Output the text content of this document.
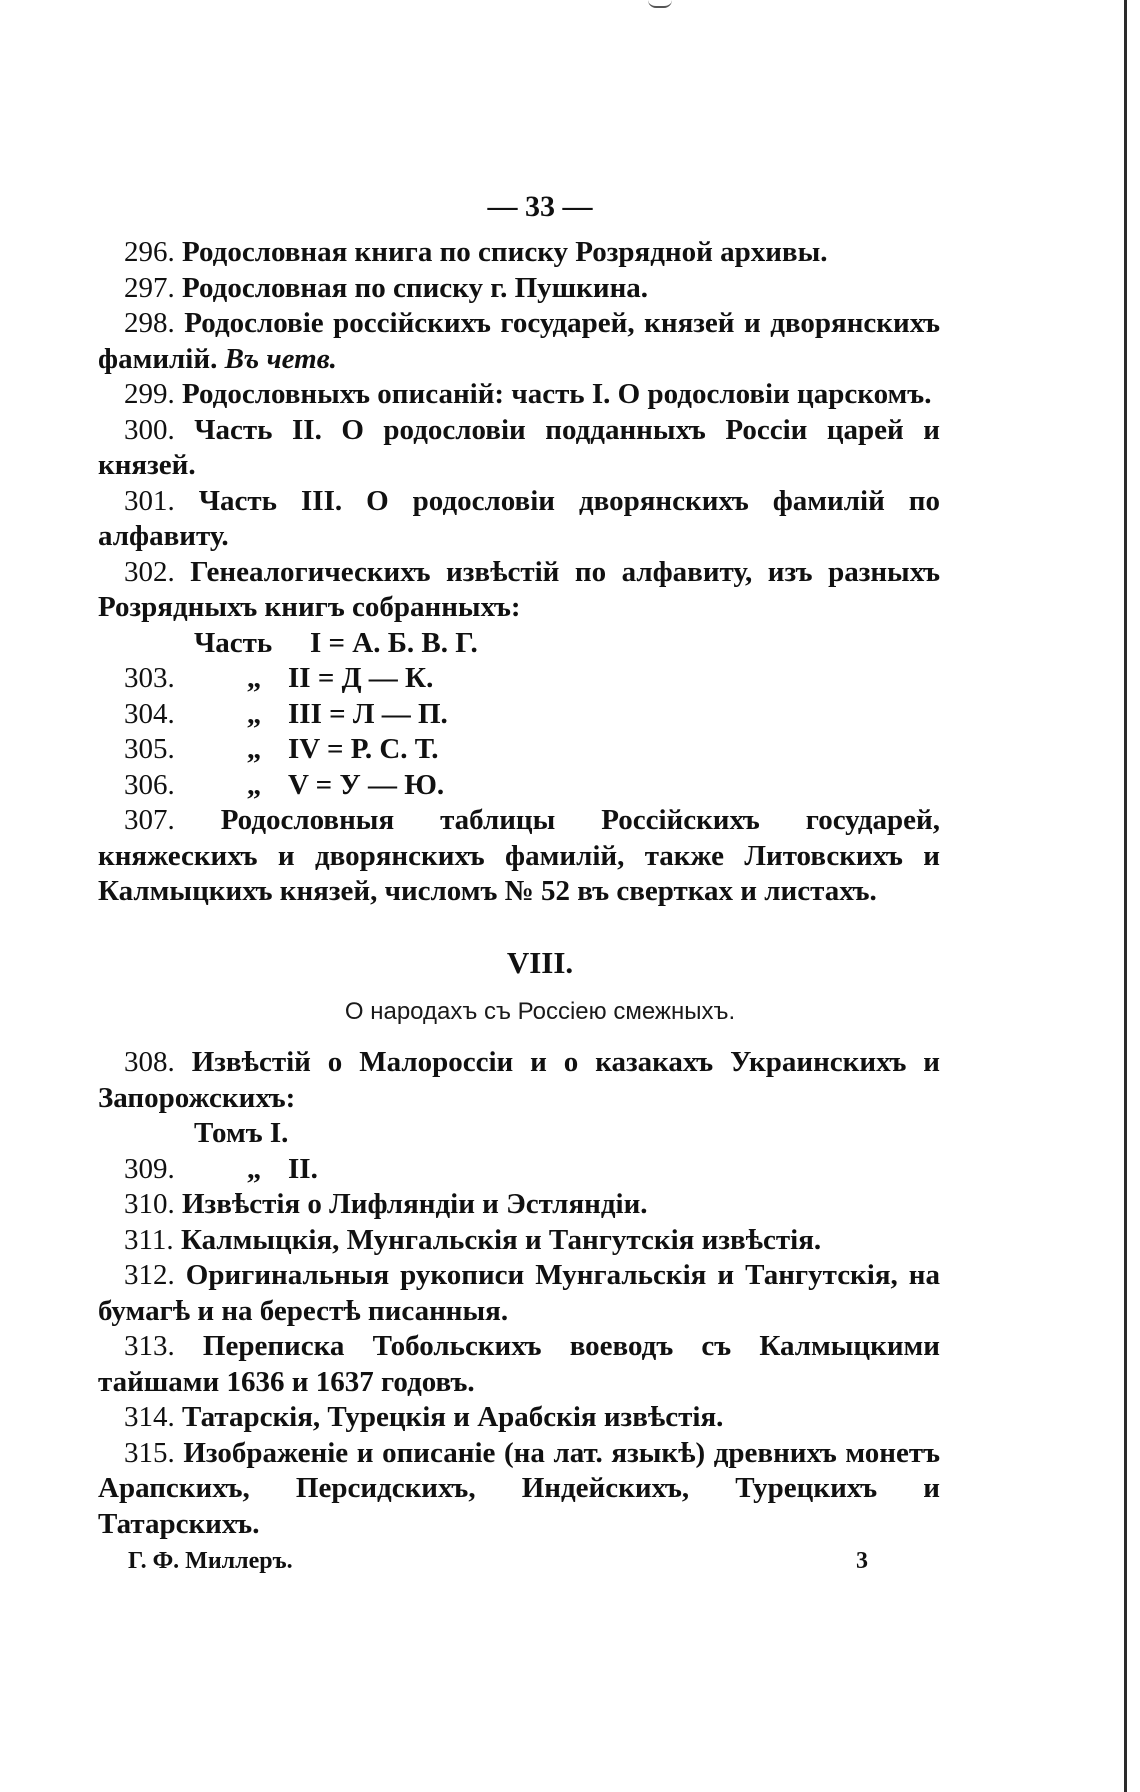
— 33 —

296. Родословная книга по списку Розрядной архивы.

297. Родословная по списку г. Пушкина.

298. Родословіе россійскихъ государей, князей и дворянскихъ фамилій. Въ четв.

299. Родословныхъ описаній: часть I. О родословіи царскомъ.

300. Часть II. О родословіи подданныхъ Россіи царей и князей.

301. Часть III. О родословіи дворянскихъ фамилій по алфавиту.

302. Генеалогическихъ извѣстій по алфавиту, изъ разныхъ Розрядныхъ книгъ собранныхъ:

Часть	I = А. Б. В. Г.
303.	„ II = Д — К.
304.	„ III = Л — П.
305.	„ IV = Р. С. Т.
306.	„ V = У — Ю.

307. Родословныя таблицы Россійскихъ государей, княжескихъ и дворянскихъ фамилій, также Литовскихъ и Калмыцкихъ князей, числомъ № 52 въ свертках и листахъ.

VIII.
О народахъ съ Россіею смежныхъ.

308. Извѣстій о Малороссіи и о казакахъ Украинскихъ и Запорожскихъ:

Томъ I.
309.	„ II.

310. Извѣстія о Лифляндіи и Эстляндіи.

311. Калмыцкія, Мунгальскія и Тангутскія извѣстія.

312. Оригинальныя рукописи Мунгальскія и Тангутскія, на бумагѣ и на берестѣ писанныя.

313. Переписка Тобольскихъ воеводъ съ Калмыцкими тайшами 1636 и 1637 годовъ.

314. Татарскія, Турецкія и Арабскія извѣстія.

315. Изображеніе и описаніе (на лат. языкѣ) древнихъ монетъ Арапскихъ, Персидскихъ, Индейскихъ, Турецкихъ и Татарскихъ.

Г. Ф. Миллеръ.	3
